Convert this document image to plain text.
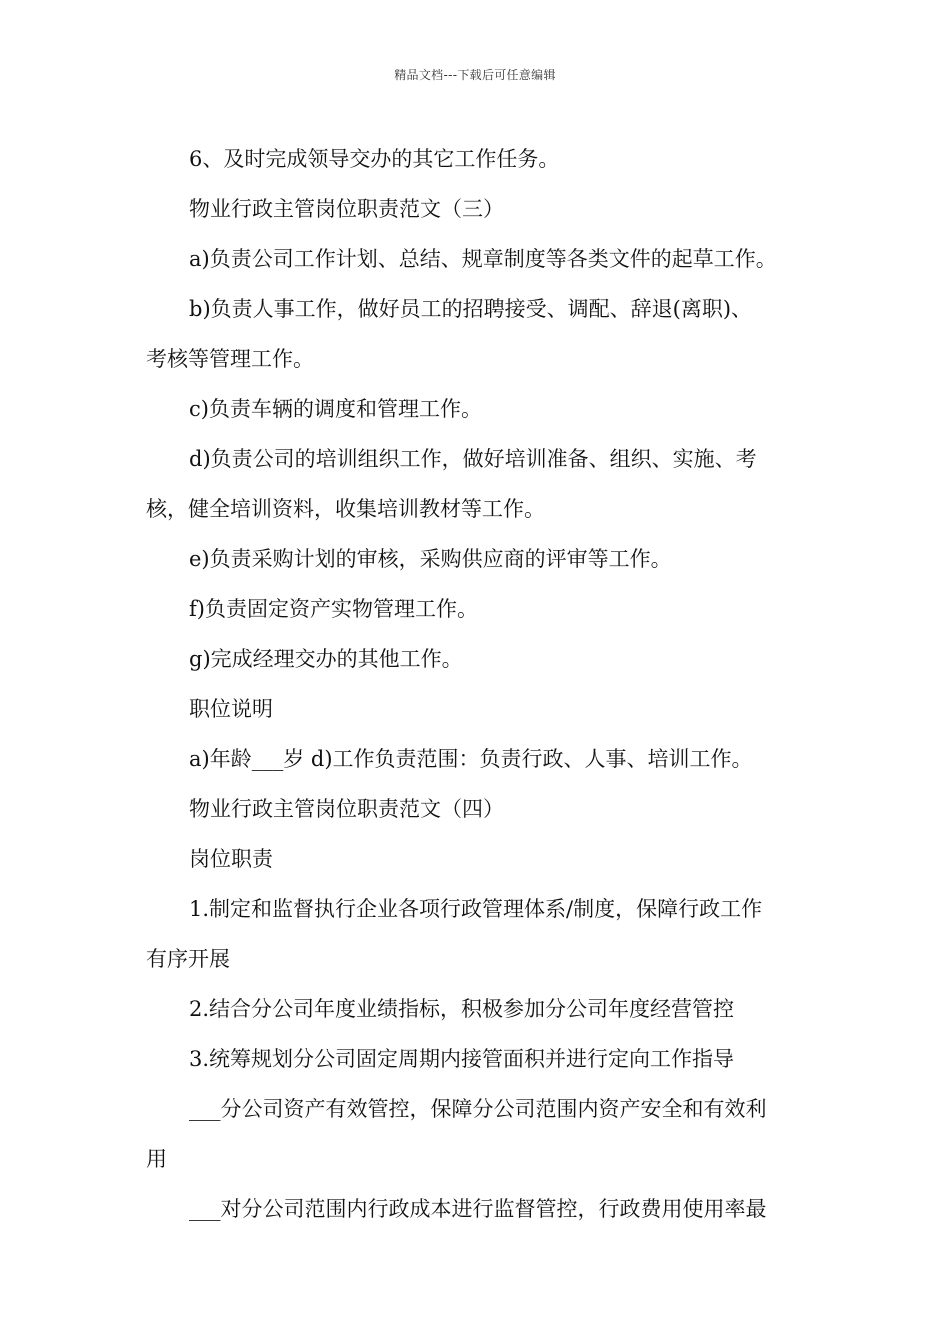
精品文档---下载后可任意编辑
6、及时完成领导交办的其它工作任务。
物业行政主管岗位职责范文（三）
a)负责公司工作计划、总结、规章制度等各类文件的起草工作。
b)负责人事工作，做好员工的招聘接受、调配、辞退(离职)、
考核等管理工作。
c)负责车辆的调度和管理工作。
d)负责公司的培训组织工作，做好培训准备、组织、实施、考
核，健全培训资料，收集培训教材等工作。
e)负责采购计划的审核，采购供应商的评审等工作。
f)负责固定资产实物管理工作。
g)完成经理交办的其他工作。
职位说明
a)年龄___岁 d)工作负责范围：负责行政、人事、培训工作。
物业行政主管岗位职责范文（四）
岗位职责
1.制定和监督执行企业各项行政管理体系/制度，保障行政工作
有序开展
2.结合分公司年度业绩指标，积极参加分公司年度经营管控
3.统筹规划分公司固定周期内接管面积并进行定向工作指导
___分公司资产有效管控，保障分公司范围内资产安全和有效利
用
___对分公司范围内行政成本进行监督管控，行政费用使用率最
